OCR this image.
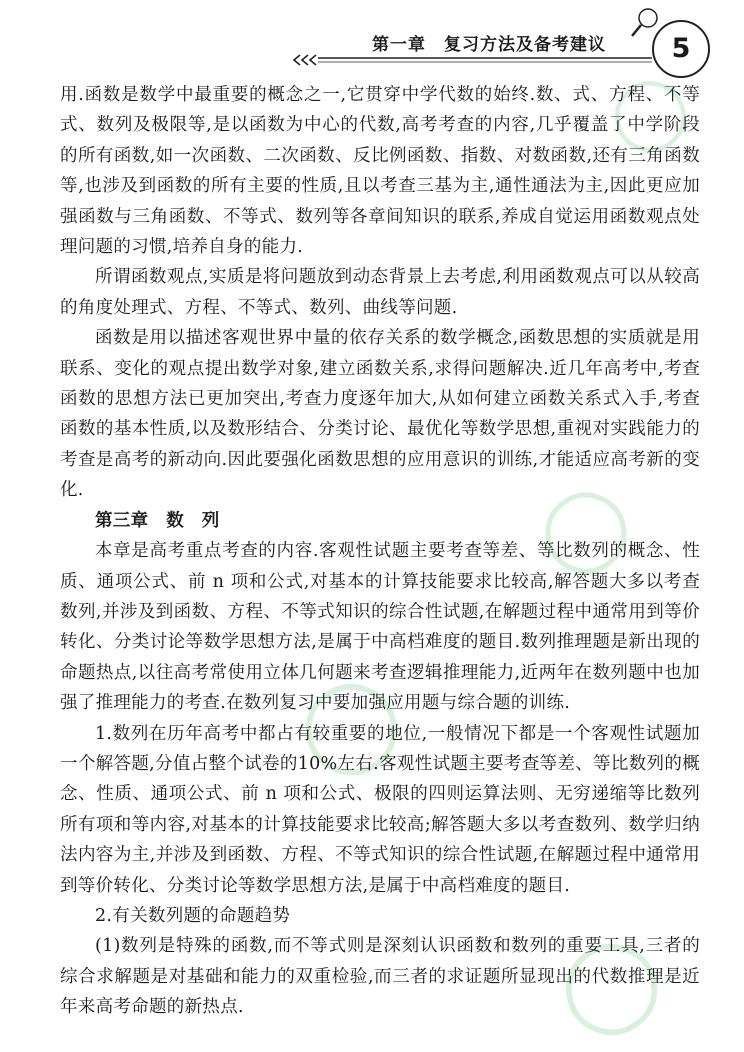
第一章　复习方法及备考建议	5
◯
◯
◯
◯

用.函数是数学中最重要的概念之一,它贯穿中学代数的始终.数、式、方程、不等式、数列及极限等,是以函数为中心的代数,高考考查的内容,几乎覆盖了中学阶段的所有函数,如一次函数、二次函数、反比例函数、指数、对数函数,还有三角函数等,也涉及到函数的所有主要的性质,且以考查三基为主,通性通法为主,因此更应加强函数与三角函数、不等式、数列等各章间知识的联系,养成自觉运用函数观点处理问题的习惯,培养自身的能力.

所谓函数观点,实质是将问题放到动态背景上去考虑,利用函数观点可以从较高的角度处理式、方程、不等式、数列、曲线等问题.

函数是用以描述客观世界中量的依存关系的数学概念,函数思想的实质就是用联系、变化的观点提出数学对象,建立函数关系,求得问题解决.近几年高考中,考查函数的思想方法已更加突出,考查力度逐年加大,从如何建立函数关系式入手,考查函数的基本性质,以及数形结合、分类讨论、最优化等数学思想,重视对实践能力的考查是高考的新动向.因此要强化函数思想的应用意识的训练,才能适应高考新的变化.

第三章　数　列

本章是高考重点考查的内容.客观性试题主要考查等差、等比数列的概念、性质、通项公式、前 n 项和公式,对基本的计算技能要求比较高,解答题大多以考查数列,并涉及到函数、方程、不等式知识的综合性试题,在解题过程中通常用到等价转化、分类讨论等数学思想方法,是属于中高档难度的题目.数列推理题是新出现的命题热点,以往高考常使用立体几何题来考查逻辑推理能力,近两年在数列题中也加强了推理能力的考查.在数列复习中要加强应用题与综合题的训练.

1.数列在历年高考中都占有较重要的地位,一般情况下都是一个客观性试题加一个解答题,分值占整个试卷的10%左右.客观性试题主要考查等差、等比数列的概念、性质、通项公式、前 n 项和公式、极限的四则运算法则、无穷递缩等比数列所有项和等内容,对基本的计算技能要求比较高;解答题大多以考查数列、数学归纳法内容为主,并涉及到函数、方程、不等式知识的综合性试题,在解题过程中通常用到等价转化、分类讨论等数学思想方法,是属于中高档难度的题目.

2.有关数列题的命题趋势

(1)数列是特殊的函数,而不等式则是深刻认识函数和数列的重要工具,三者的综合求解题是对基础和能力的双重检验,而三者的求证题所显现出的代数推理是近年来高考命题的新热点.
